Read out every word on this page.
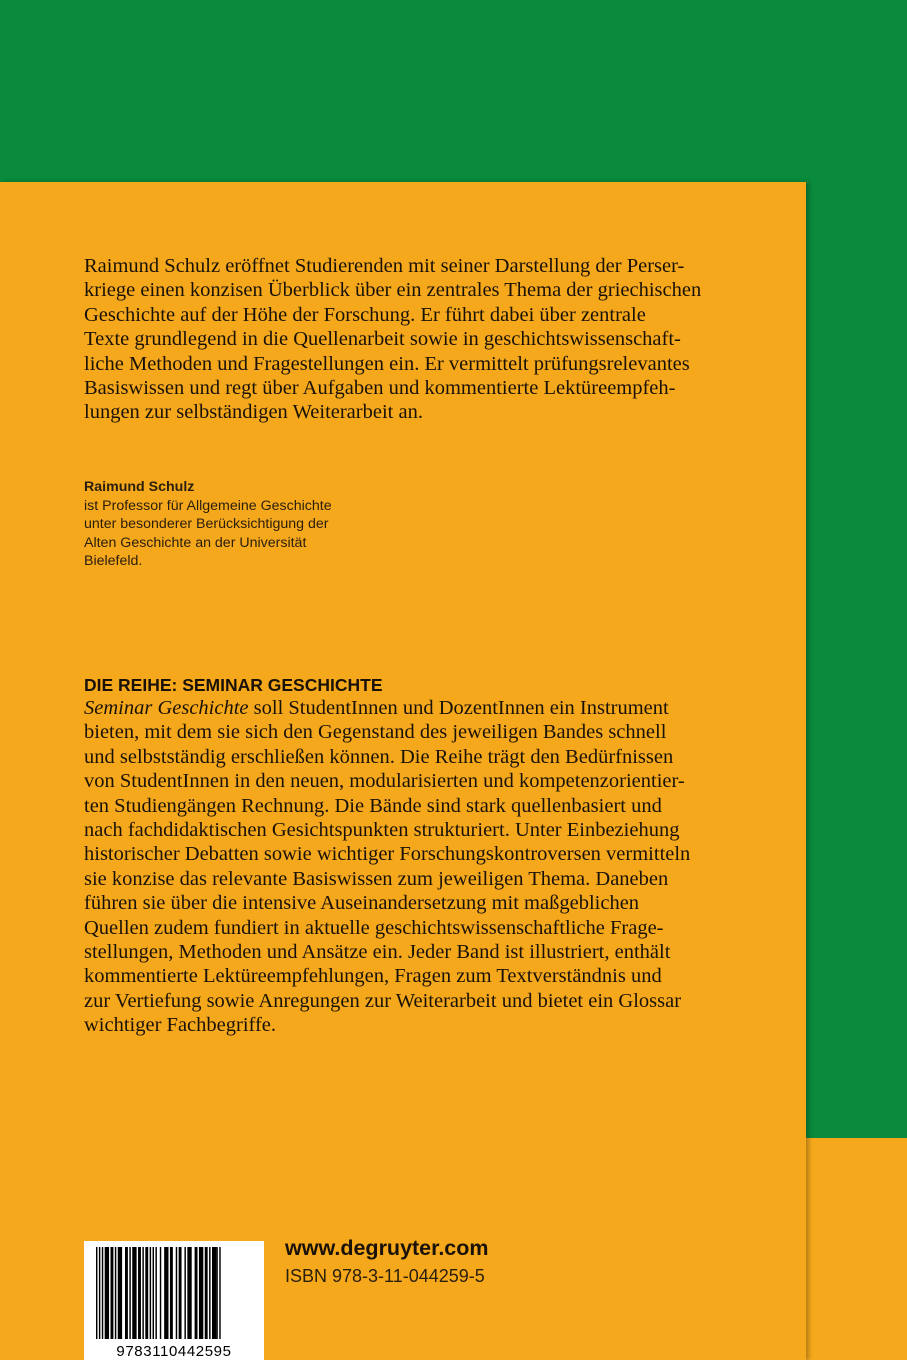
Raimund Schulz eröffnet Studierenden mit seiner Darstellung der Perser-
kriege einen konzisen Überblick über ein zentrales Thema der griechischen
Geschichte auf der Höhe der Forschung. Er führt dabei über zentrale
Texte grundlegend in die Quellenarbeit sowie in geschichtswissenschaft-
liche Methoden und Fragestellungen ein. Er vermittelt prüfungsrelevantes
Basiswissen und regt über Aufgaben und kommentierte Lektüreempfeh-
lungen zur selbständigen Weiterarbeit an.
Raimund Schulz
ist Professor für Allgemeine Geschichte
unter besonderer Berücksichtigung der
Alten Geschichte an der Universität
Bielefeld.
DIE REIHE: SEMINAR GESCHICHTE
Seminar Geschichte soll StudentInnen und DozentInnen ein Instrument
bieten, mit dem sie sich den Gegenstand des jeweiligen Bandes schnell
und selbstständig erschließen können. Die Reihe trägt den Bedürfnissen
von StudentInnen in den neuen, modularisierten und kompetenzorientier-
ten Studiengängen Rechnung. Die Bände sind stark quellenbasiert und
nach fachdidaktischen Gesichtspunkten strukturiert. Unter Einbeziehung
historischer Debatten sowie wichtiger Forschungskontroversen vermitteln
sie konzise das relevante Basiswissen zum jeweiligen Thema. Daneben
führen sie über die intensive Auseinandersetzung mit maßgeblichen
Quellen zudem fundiert in aktuelle geschichtswissenschaftliche Frage-
stellungen, Methoden und Ansätze ein. Jeder Band ist illustriert, enthält
kommentierte Lektüreempfehlungen, Fragen zum Textverständnis und
zur Vertiefung sowie Anregungen zur Weiterarbeit und bietet ein Glossar
wichtiger Fachbegriffe.
9783110442595
www.degruyter.com
ISBN 978-3-11-044259-5
